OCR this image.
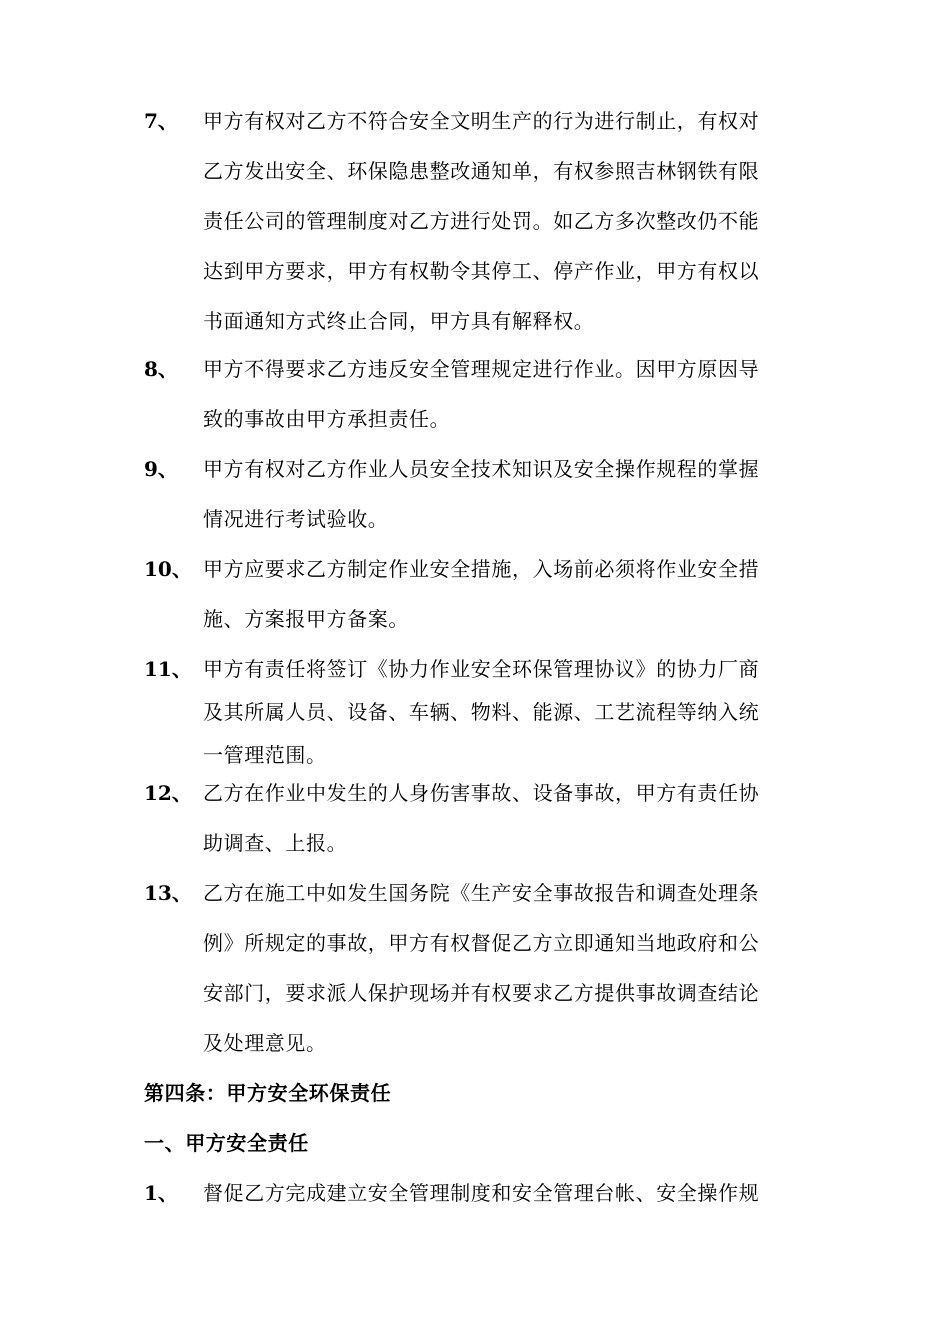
7、 甲方有权对乙方不符合安全文明生产的行为进行制止，有权对
乙方发出安全、环保隐患整改通知单，有权参照吉林钢铁有限
责任公司的管理制度对乙方进行处罚。如乙方多次整改仍不能
达到甲方要求，甲方有权勒令其停工、停产作业，甲方有权以
书面通知方式终止合同，甲方具有解释权。
8、 甲方不得要求乙方违反安全管理规定进行作业。因甲方原因导
致的事故由甲方承担责任。
9、 甲方有权对乙方作业人员安全技术知识及安全操作规程的掌握
情况进行考试验收。
10、 甲方应要求乙方制定作业安全措施，入场前必须将作业安全措
施、方案报甲方备案。
11、 甲方有责任将签订《协力作业安全环保管理协议》的协力厂商
及其所属人员、设备、车辆、物料、能源、工艺流程等纳入统
一管理范围。
12、 乙方在作业中发生的人身伤害事故、设备事故，甲方有责任协
助调查、上报。
13、 乙方在施工中如发生国务院《生产安全事故报告和调查处理条
例》所规定的事故，甲方有权督促乙方立即通知当地政府和公
安部门，要求派人保护现场并有权要求乙方提供事故调查结论
及处理意见。
第四条：甲方安全环保责任
一、甲方安全责任
1、 督促乙方完成建立安全管理制度和安全管理台帐、安全操作规
